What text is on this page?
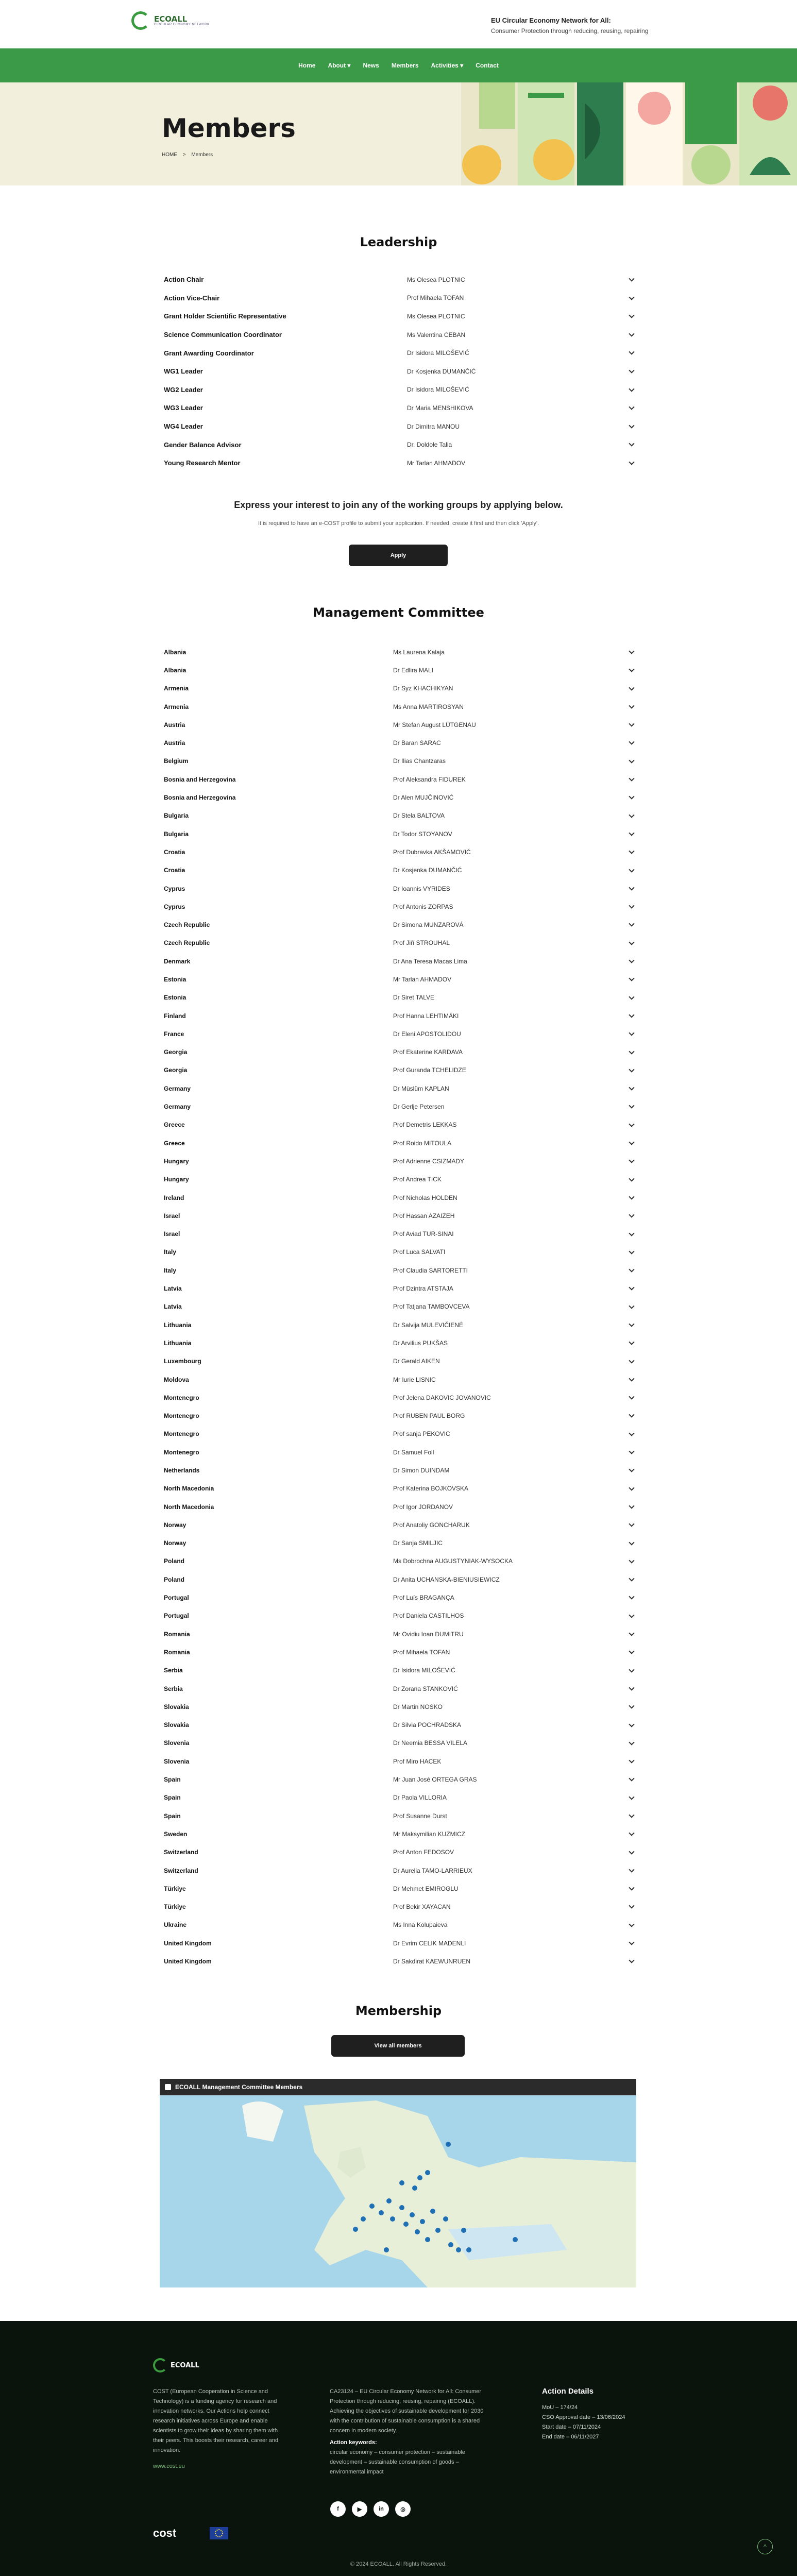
ECOALL
CIRCULAR ECONOMY NETWORK
EU Circular Economy Network for All:
Consumer Protection through reducing, reusing, repairing
Home	About ▾	News	Members	Activities ▾	Contact
Members
HOME > Members
Leadership
Action Chair	Ms Olesea PLOTNIC
Action Vice-Chair	Prof Mihaela TOFAN
Grant Holder Scientific Representative	Ms Olesea PLOTNIC
Science Communication Coordinator	Ms Valentina CEBAN
Grant Awarding Coordinator	Dr Isidora MILOŠEVIĆ
WG1 Leader	Dr Kosjenka DUMANČIĆ
WG2 Leader	Dr Isidora MILOŠEVIĆ
WG3 Leader	Dr Maria MENSHIKOVA
WG4 Leader	Dr Dimitra MANOU
Gender Balance Advisor	Dr. Doldole Talia
Young Research Mentor	Mr Tarlan AHMADOV
Express your interest to join any of the working groups by applying below.
It is required to have an e-COST profile to submit your application. If needed, create it first and then click 'Apply'.
Apply
Management Committee
Albania	Ms Laurena Kalaja
Albania	Dr Edlira MALI
Armenia	Dr Syz KHACHIKYAN
Armenia	Ms Anna MARTIROSYAN
Austria	Mr Stefan August LÜTGENAU
Austria	Dr Baran SARAC
Belgium	Dr Ilias Chantzaras
Bosnia and Herzegovina	Prof Aleksandra FIDUREK
Bosnia and Herzegovina	Dr Alen MUJČINOVIĆ
Bulgaria	Dr Stela BALTOVA
Bulgaria	Dr Todor STOYANOV
Croatia	Prof Dubravka AKŠAMOVIĆ
Croatia	Dr Kosjenka DUMANČIĆ
Cyprus	Dr Ioannis VYRIDES
Cyprus	Prof Antonis ZORPAS
Czech Republic	Dr Simona MUNZAROVÁ
Czech Republic	Prof Jiří STROUHAL
Denmark	Dr Ana Teresa Macas Lima
Estonia	Mr Tarlan AHMADOV
Estonia	Dr Siret TALVE
Finland	Prof Hanna LEHTIMÄKI
France	Dr Eleni APOSTOLIDOU
Georgia	Prof Ekaterine KARDAVA
Georgia	Prof Guranda TCHELIDZE
Germany	Dr Müslüm KAPLAN
Germany	Dr Gerlje Petersen
Greece	Prof Demetris LEKKAS
Greece	Prof Roido MITOULA
Hungary	Prof Adrienne CSIZMADY
Hungary	Prof Andrea TICK
Ireland	Prof Nicholas HOLDEN
Israel	Prof Hassan AZAIZEH
Israel	Prof Aviad TUR-SINAI
Italy	Prof Luca SALVATI
Italy	Prof Claudia SARTORETTI
Latvia	Prof Dzintra ATSTAJA
Latvia	Prof Tatjana TAMBOVCEVA
Lithuania	Dr Salvija MULEVIČIENĖ
Lithuania	Dr Arvilius PUKŠAS
Luxembourg	Dr Gerald AIKEN
Moldova	Mr Iurie LISNIC
Montenegro	Prof Jelena DAKOVIC JOVANOVIC
Montenegro	Prof RUBEN PAUL BORG
Montenegro	Prof sanja PEKOVIC
Montenegro	Dr Samuel Foll
Netherlands	Dr Simon DUINDAM
North Macedonia	Prof Katerina BOJKOVSKA
North Macedonia	Prof Igor JORDANOV
Norway	Prof Anatoliy GONCHARUK
Norway	Dr Sanja SMILJIC
Poland	Ms Dobrochna AUGUSTYNIAK-WYSOCKA
Poland	Dr Anita UCHANSKA-BIENIUSIEWICZ
Portugal	Prof Luís BRAGANÇA
Portugal	Prof Daniela CASTILHOS
Romania	Mr Ovidiu Ioan DUMITRU
Romania	Prof Mihaela TOFAN
Serbia	Dr Isidora MILOŠEVIĆ
Serbia	Dr Zorana STANKOVIĆ
Slovakia	Dr Martin NOSKO
Slovakia	Dr Silvia POCHRADSKA
Slovenia	Dr Neemia BESSA VILELA
Slovenia	Prof Miro HACEK
Spain	Mr Juan José ORTEGA GRAS
Spain	Dr Paola VILLORIA
Spain	Prof Susanne Durst
Sweden	Mr Maksymilian KUZMICZ
Switzerland	Prof Anton FEDOSOV
Switzerland	Dr Aurelia TAMO-LARRIEUX
Türkiye	Dr Mehmet EMIROGLU
Türkiye	Prof Bekir XAYACAN
Ukraine	Ms Inna Kolupaieva
United Kingdom	Dr Evrim CELIK MADENLI
United Kingdom	Dr Sakdirat KAEWUNRUEN
Membership
View all members
ECOALL Management Committee Members
ECOALL

COST (European Cooperation in Science and Technology) is a funding agency for research and innovation networks. Our Actions help connect research initiatives across Europe and enable scientists to grow their ideas by sharing them with their peers. This boosts their research, career and innovation.

www.cost.eu

CA23124 – EU Circular Economy Network for All: Consumer Protection through reducing, reusing, repairing (ECOALL). Achieving the objectives of sustainable development for 2030 with the contribution of sustainable consumption is a shared concern in modern society.

Action keywords:

circular economy – consumer protection – sustainable development – sustainable consumption of goods – environmental impact

Action Details

MoU – 174/24

CSO Approval date – 13/06/2024

Start date – 07/11/2024

End date – 06/11/2027

cost
f	▶	in	◎
^
© 2024 ECOALL. All Rights Reserved.
